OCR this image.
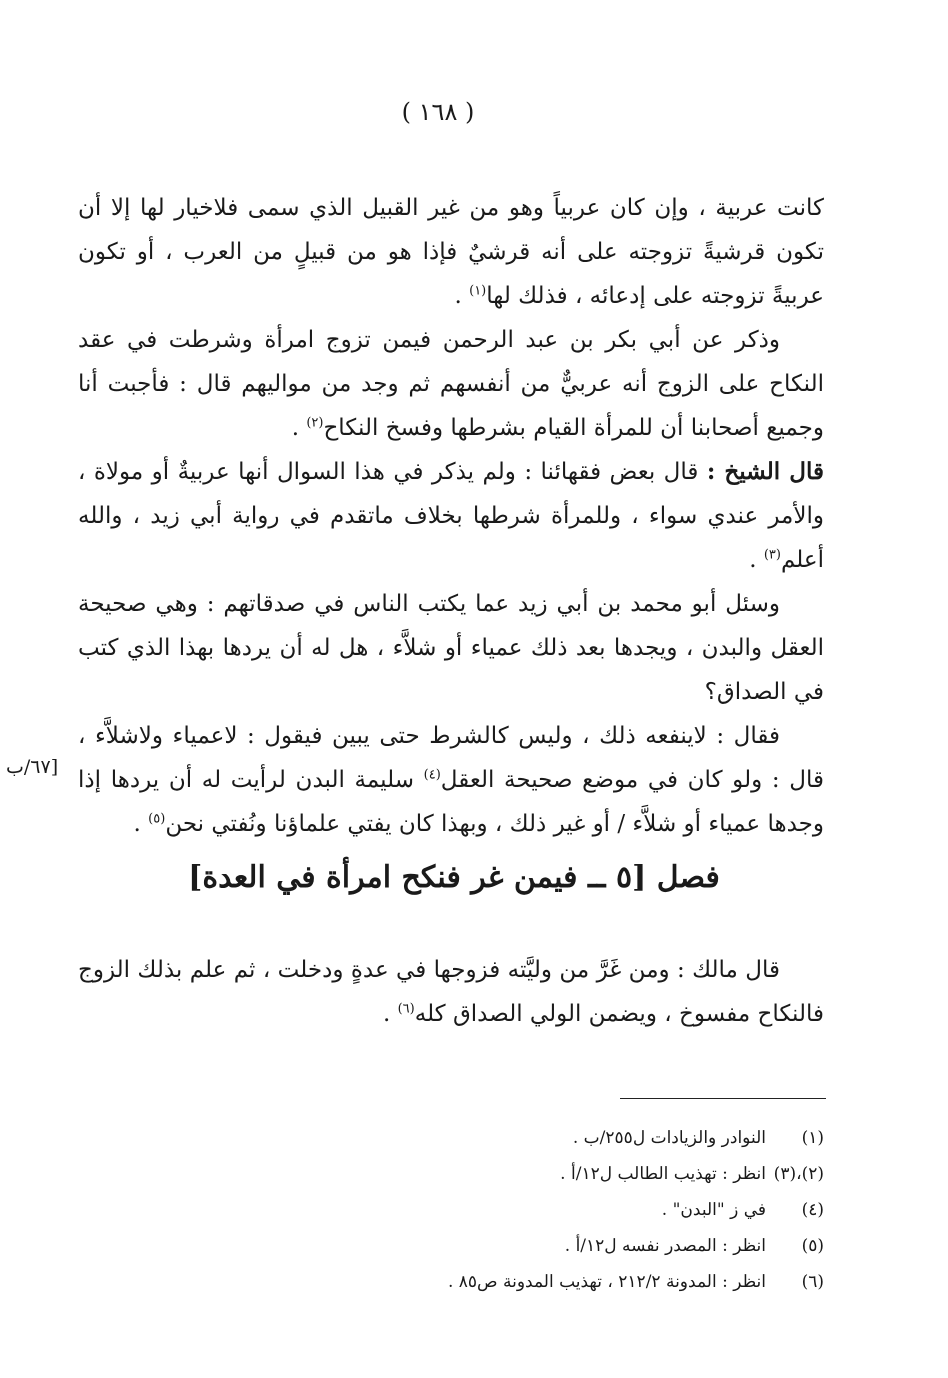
( ١٦٨ )

كانت عربية ، وإن كان عربياً وهو من غير القبيل الذي سمى فلاخيار لها إلا أن تكون قرشيةً تزوجته على أنه قرشيٌ فإذا هو من قبيلٍ من العرب ، أو تكون عربيةً تزوجته على إدعائه ، فذلك لها$^{(١)}$ .

وذكر عن أبي بكر بن عبد الرحمن فيمن تزوج امرأة وشرطت في عقد النكاح على الزوج أنه عربيٌّ من أنفسهم ثم وجد من مواليهم قال : فأجبت أنا وجميع أصحابنا أن للمرأة القيام بشرطها وفسخ النكاح$^{(٢)}$ .

قال الشيخ : قال بعض فقهائنا : ولم يذكر في هذا السوال أنها عربيةٌ أو مولاة ، والأمر عندي سواء ، وللمرأة شرطها بخلاف ماتقدم في رواية أبي زيد ، والله أعلم$^{(٣)}$ .

وسئل أبو محمد بن أبي زيد عما يكتب الناس في صدقاتهم : وهي صحيحة العقل والبدن ، ويجدها بعد ذلك عمياء أو شلاَّء ، هل له أن يردها بهذا الذي كتب في الصداق؟

فقال : لاينفعه ذلك ، وليس كالشرط حتى يبين فيقول : لاعمياء ولاشلاَّء ، قال : ولو كان في موضع صحيحة العقل$^{(٤)}$ سليمة البدن لرأيت له أن يردها إذا وجدها عمياء أو شلاَّء / أو غير ذلك ، وبهذا كان يفتي علماؤنا ونُفتي نحن$^{(٥)}$ .

[٦٧/ب
فصل [٥ ــ فيمن غر فنكح امرأة في العدة]

قال مالك : ومن غَرَّ من وليَّته فزوجها في عدةٍ ودخلت ، ثم علم بذلك الزوج فالنكاح مفسوخ ، ويضمن الولي الصداق كله$^{(٦)}$ .

(١)
النوادر والزيادات ل٢٥٥/ب .
(٢)،(٣)
انظر : تهذيب الطالب ل١٢/أ .
(٤)
في ز "البدن" .
(٥)
انظر : المصدر نفسه ل١٢/أ .
(٦)
انظر : المدونة ٢١٢/٢ ، تهذيب المدونة ص٨٥ .
